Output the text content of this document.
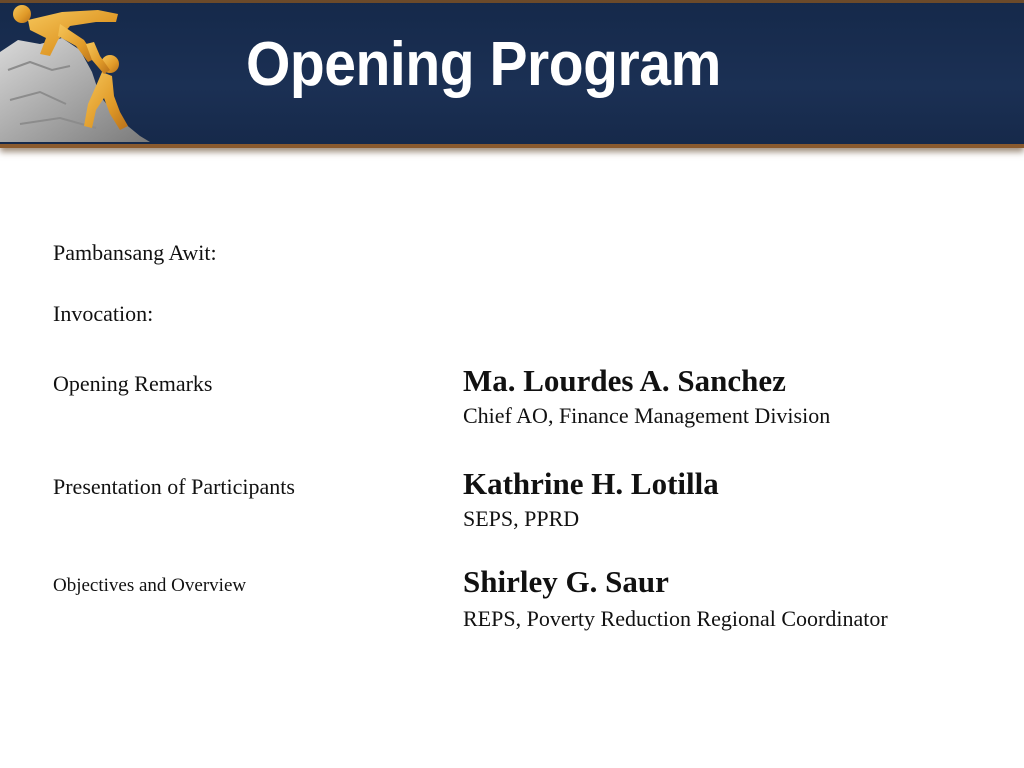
Opening Program
Pambansang Awit:
Invocation:
Opening Remarks	Ma. Lourdes A. Sanchez
Chief AO, Finance Management Division
Presentation of Participants	Kathrine H. Lotilla
SEPS, PPRD
Objectives and Overview	Shirley G. Saur
REPS, Poverty Reduction Regional Coordinator
